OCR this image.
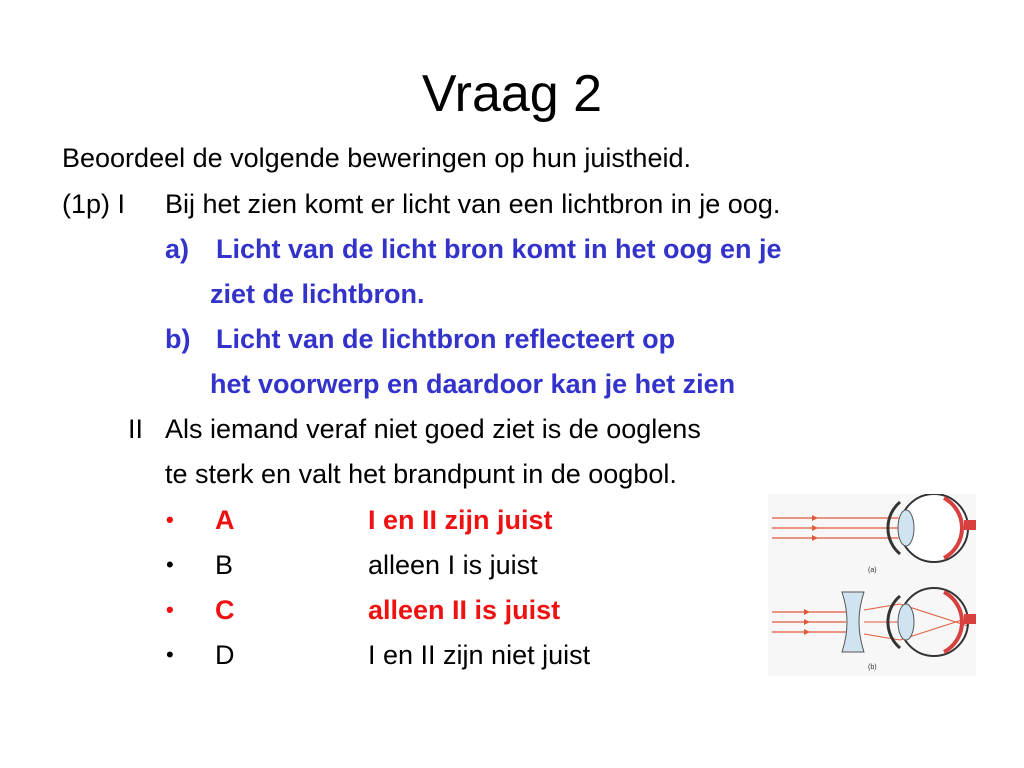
Vraag 2
Beoordeel de volgende beweringen op hun juistheid.
(1p) I Bij het zien komt er licht van een lichtbron in je oog.
a) Licht van de licht bron komt in het oog en je
ziet de lichtbron.
b) Licht van de lichtbron reflecteert op
het voorwerp en daardoor kan je het zien
II Als iemand veraf niet goed ziet is de ooglens
te sterk en valt het brandpunt in de oogbol.
• A	I en II zijn juist
• B	alleen I is juist
• C	alleen II is juist
• D	I en II zijn niet juist
(a)
(b)
